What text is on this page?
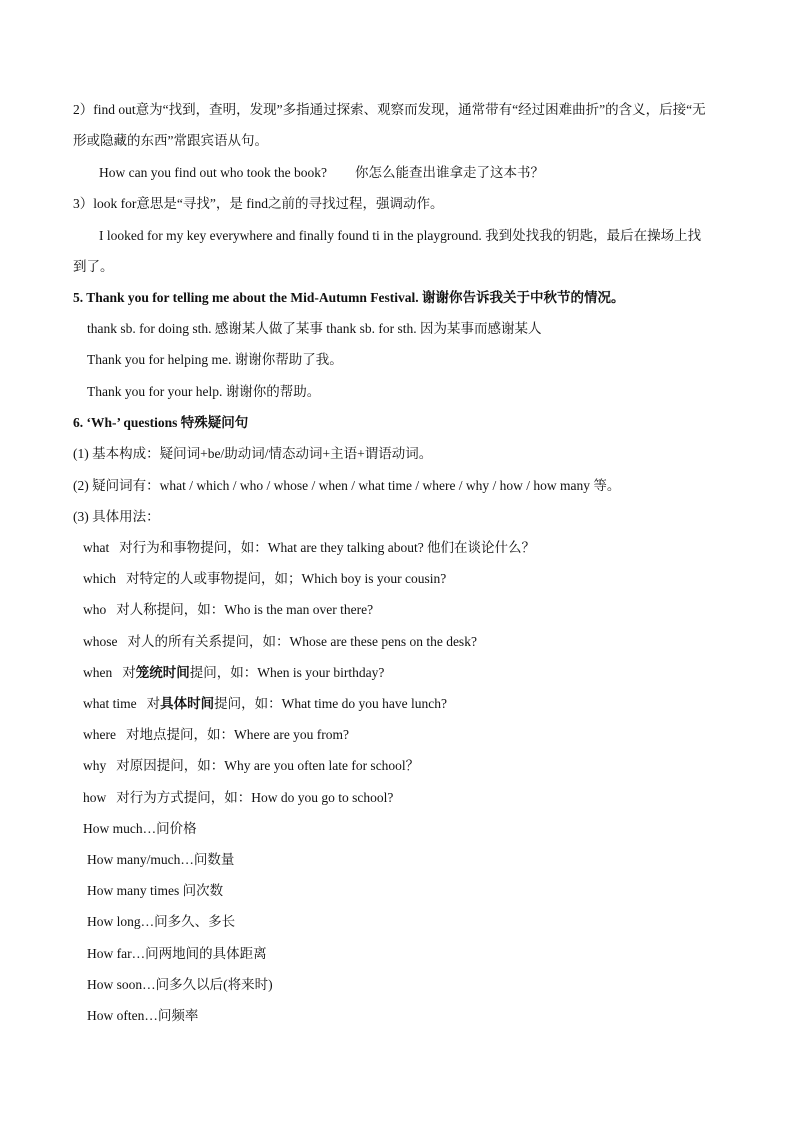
2）find out意为“找到，查明，发现”多指通过探索、观察而发现，通常带有“经过困难曲折”的含义，后接“无
形或隐藏的东西”常跟宾语从句。
How can you find out who took the book? 你怎么能查出谁拿走了这本书？
3）look for意思是“寻找”，是 find之前的寻找过程，强调动作。
I looked for my key everywhere and finally found ti in the playground. 我到处找我的钥匙，最后在操场上找
到了。
5. Thank you for telling me about the Mid-Autumn Festival. 谢谢你告诉我关于中秋节的情况。
thank sb. for doing sth. 感谢某人做了某事 thank sb. for sth. 因为某事而感谢某人
Thank you for helping me. 谢谢你帮助了我。
Thank you for your help. 谢谢你的帮助。
6. ‘Wh-’ questions 特殊疑问句
(1) 基本构成：疑问词+be/助动词/情态动词+主语+谓语动词。
(2) 疑问词有：what / which / who / whose / when / what time / where / why / how / how many 等。
(3) 具体用法：
what 对行为和事物提问，如：What are they talking about? 他们在谈论什么？
which 对特定的人或事物提问，如；Which boy is your cousin?
who 对人称提问，如：Who is the man over there?
whose 对人的所有关系提问，如：Whose are these pens on the desk?
when 对笼统时间提问，如：When is your birthday?
what time 对具体时间提问，如：What time do you have lunch?
where 对地点提问，如：Where are you from?
why 对原因提问，如：Why are you often late for school？
how 对行为方式提问，如：How do you go to school?
How much…问价格
How many/much…问数量
How many times 问次数
How long…问多久、多长
How far…问两地间的具体距离
How soon…问多久以后(将来时)
How often…问频率
